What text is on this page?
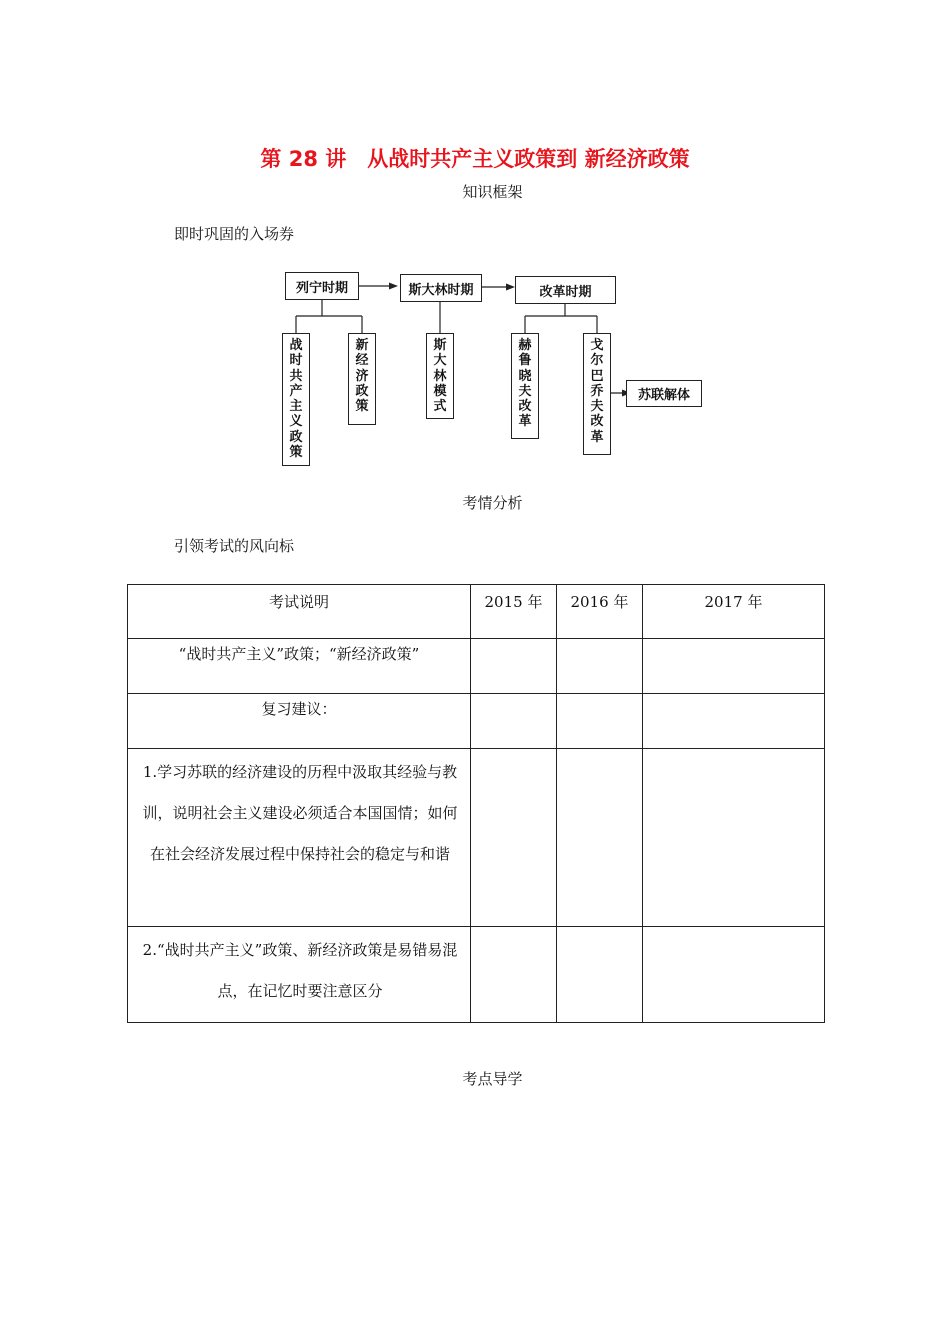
第 28 讲　从战时共产主义政策到 新经济政策
知识框架
即时巩固的入场券
列宁时期	斯大林时期	改革时期
战时共产主义政策
新经济政策
斯大林模式
赫鲁晓夫改革
戈尔巴乔夫改革
苏联解体
考情分析
引领考试的风向标
考试说明	2015 年	2016 年	2017 年

“战时共产主义”政策；“新经济政策”			

复习建议：			

1.学习苏联的经济建设的历程中汲取其经验与教训，说明社会主义建设必须适合本国国情；如何在社会经济发展过程中保持社会的稳定与和谐			

2.“战时共产主义”政策、新经济政策是易错易混点，在记忆时要注意区分			

考点导学
